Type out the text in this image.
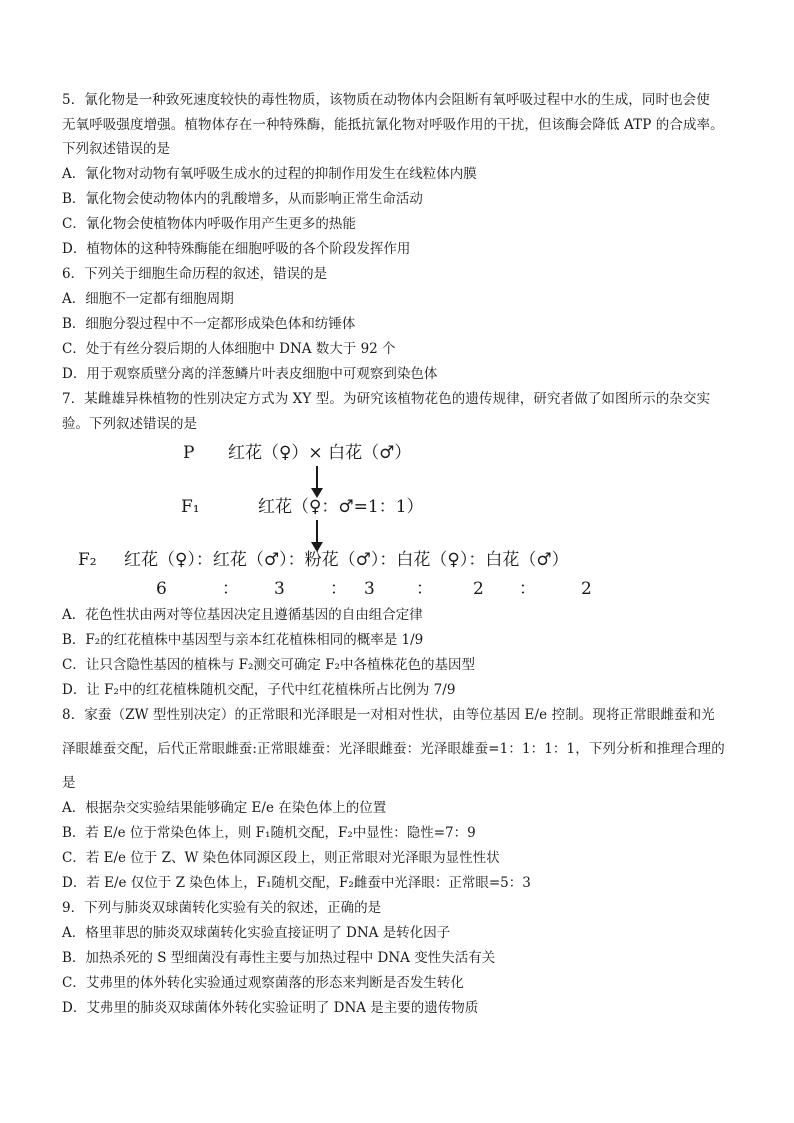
5．氰化物是一种致死速度较快的毒性物质，该物质在动物体内会阻断有氧呼吸过程中水的生成，同时也会使
无氧呼吸强度增强。植物体存在一种特殊酶，能抵抗氰化物对呼吸作用的干扰，但该酶会降低 ATP 的合成率。
下列叙述错误的是
A．氰化物对动物有氧呼吸生成水的过程的抑制作用发生在线粒体内膜
B．氰化物会使动物体内的乳酸增多，从而影响正常生命活动
C．氰化物会使植物体内呼吸作用产生更多的热能
D．植物体的这种特殊酶能在细胞呼吸的各个阶段发挥作用
6．下列关于细胞生命历程的叙述，错误的是
A．细胞不一定都有细胞周期
B．细胞分裂过程中不一定都形成染色体和纺锤体
C．处于有丝分裂后期的人体细胞中 DNA 数大于 92 个
D．用于观察质壁分离的洋葱鳞片叶表皮细胞中可观察到染色体
7．某雌雄异株植物的性别决定方式为 XY 型。为研究该植物花色的遗传规律，研究者做了如图所示的杂交实
验。下列叙述错误的是
P 红花（♀）× 白花（♂）
F₁	红花（♀：♂=1：1）
F₂ 红花（♀）：红花（♂）：粉花（♂）：白花（♀）：白花（♂）
6	： 3	： 3 ： 2 ：	2
A．花色性状由两对等位基因决定且遵循基因的自由组合定律
B．F₂的红花植株中基因型与亲本红花植株相同的概率是 1/9
C．让只含隐性基因的植株与 F₂测交可确定 F₂中各植株花色的基因型
D．让 F₂中的红花植株随机交配，子代中红花植株所占比例为 7/9
8．家蚕（ZW 型性别决定）的正常眼和光泽眼是一对相对性状，由等位基因 E/e 控制。现将正常眼雌蚕和光
泽眼雄蚕交配，后代正常眼雌蚕:正常眼雄蚕：光泽眼雌蚕：光泽眼雄蚕=1：1：1：1，下列分析和推理合理的
是
A．根据杂交实验结果能够确定 E/e 在染色体上的位置
B．若 E/e 位于常染色体上，则 F₁随机交配，F₂中显性：隐性=7：9
C．若 E/e 位于 Z、W 染色体同源区段上，则正常眼对光泽眼为显性性状
D．若 E/e 仅位于 Z 染色体上，F₁随机交配，F₂雌蚕中光泽眼：正常眼=5：3
9．下列与肺炎双球菌转化实验有关的叙述，正确的是
A．格里菲思的肺炎双球菌转化实验直接证明了 DNA 是转化因子
B．加热杀死的 S 型细菌没有毒性主要与加热过程中 DNA 变性失活有关
C．艾弗里的体外转化实验通过观察菌落的形态来判断是否发生转化
D．艾弗里的肺炎双球菌体外转化实验证明了 DNA 是主要的遗传物质
